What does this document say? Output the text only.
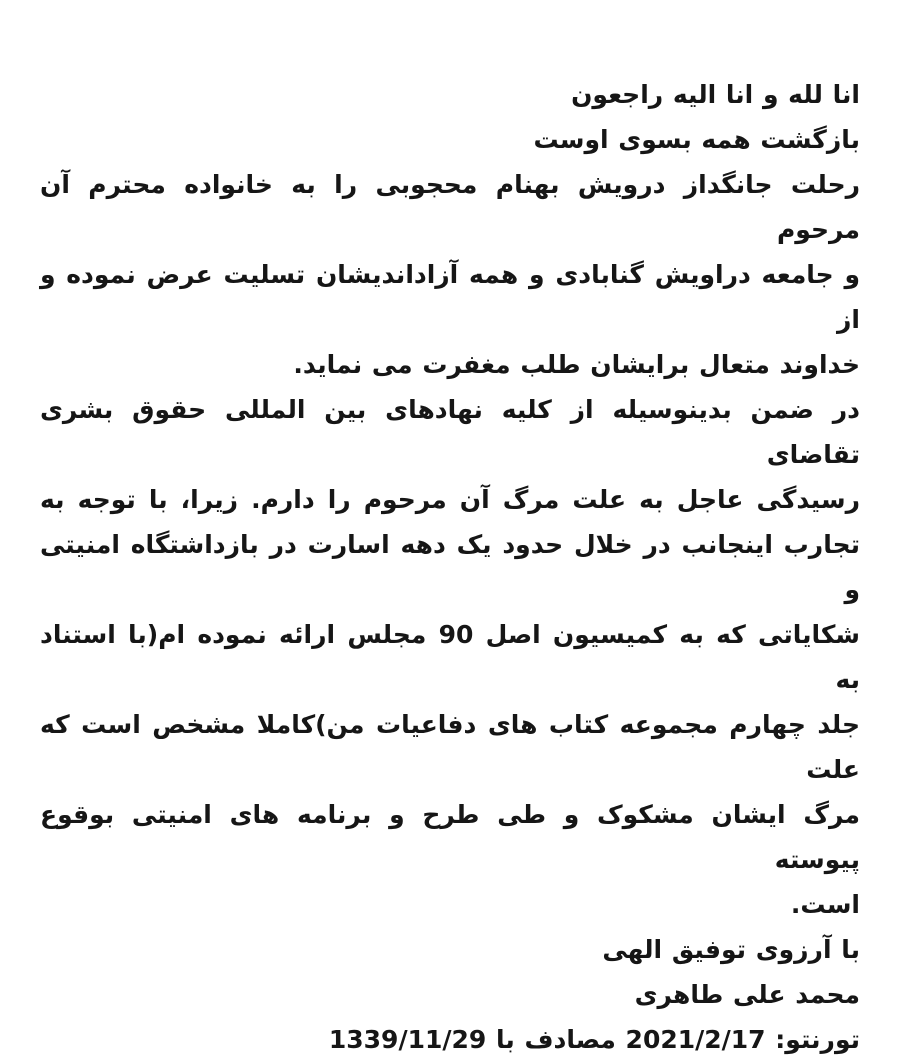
انا لله و انا الیه راجعون
بازگشت همه بسوی اوست
رحلت جانگداز درویش بهنام محجوبی را به خانواده محترم آن مرحوم
و جامعه دراویش گنابادی و همه آزاداندیشان تسلیت عرض نموده و از
خداوند متعال برایشان طلب مغفرت می نماید.
در ضمن بدینوسیله از کلیه نهادهای بین المللی حقوق بشری تقاضای
رسیدگی عاجل به علت مرگ آن مرحوم را دارم. زیرا، با توجه به
تجارب اینجانب در خلال حدود یک دهه اسارت در بازداشتگاه امنیتی و
شکایاتی که به کمیسیون اصل 90 مجلس ارائه نموده ام(با استناد به
جلد چهارم مجموعه کتاب های دفاعیات من)کاملا مشخص است که علت
مرگ ایشان مشکوک و طی طرح و برنامه های امنیتی بوقوع پیوسته
است.
با آرزوی توفیق الهی
محمد علی طاهری
تورنتو: 2021/2/17 مصادف با 1339/11/29
